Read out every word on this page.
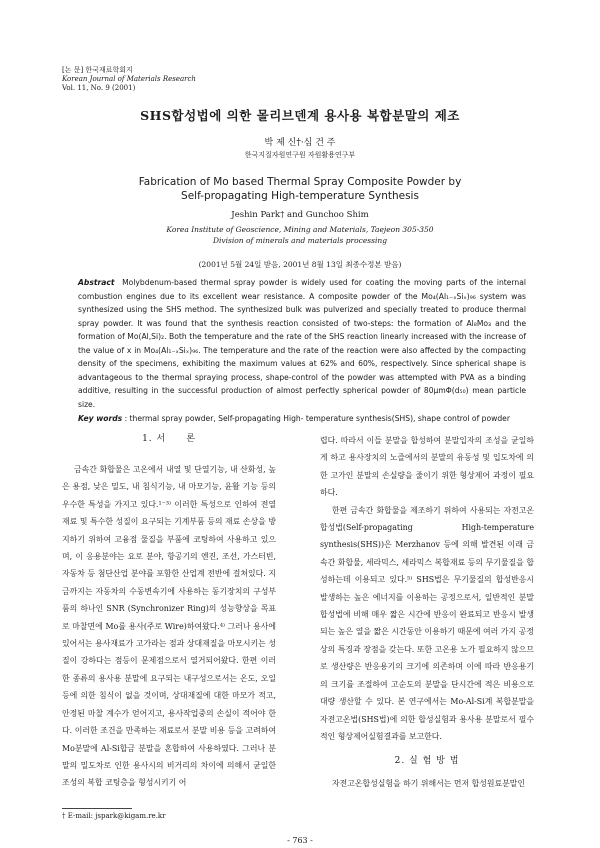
[논 문] 한국재료학회지
Korean Journal of Materials Research
Vol. 11, No. 9 (2001)
SHS합성법에 의한 몰리브덴계 용사용 복합분말의 제조
박 제 신†·심 건 주
한국지질자원연구원 자원활용연구부
Fabrication of Mo based Thermal Spray Composite Powder by
Self-propagating High-temperature Synthesis
Jeshin Park† and Gunchoo Shim
Korea Institute of Geoscience, Mining and Materials, Taejeon 305-350
Division of minerals and materials processing
(2001년 5월 24일 받음, 2001년 8월 13일 최종수정본 받음)
Abstract Molybdenum-based thermal spray powder is widely used for coating the moving parts of the internal combustion engines due to its excellent wear resistance. A composite powder of the Mo₄(Al₁₋ₓSiₓ)₉₆ system was synthesized using the SHS method. The synthesized bulk was pulverized and specially treated to produce thermal spray powder. It was found that the synthesis reaction consisted of two-steps: the formation of Al₈Mo₃ and the formation of Mo(Al,Si)₂. Both the temperature and the rate of the SHS reaction linearly increased with the increase of the value of x in Mo₄(Al₁₋ₓSiₓ)₉₆. The temperature and the rate of the reaction were also affected by the compacting density of the specimens, exhibiting the maximum values at 62% and 60%, respectively. Since spherical shape is advantageous to the thermal spraying process, shape-control of the powder was attempted with PVA as a binding additive, resulting in the successful production of almost perfectly spherical powder of 80μmΦ(d₅₀) mean particle size.
Key words : thermal spray powder, Self-propagating High- temperature synthesis(SHS), shape control of powder
1. 서　　론

금속간 화합물은 고온에서 내열 및 단열기능, 내 산화성, 높은 용점, 낮은 밀도, 내 침식기능, 내 마모기능, 윤활 기능 등의 우수한 특성을 가지고 있다.¹⁻³⁾ 이러한 특성으로 인하여 전열재료 및 특수한 성질이 요구되는 기계부품 등의 재료 손상을 방지하기 위하여 고융점 물질을 부품에 코팅하여 사용하고 있으며, 이 응용분야는 요로 분야, 항공기의 엔진, 조선, 가스터빈, 자동차 등 첨단산업 분야를 포함한 산업계 전반에 걸쳐있다. 지금까지는 자동차의 수동변속기에 사용하는 동기장치의 구성부품의 하나인 SNR (Synchronizer Ring)의 성능향상을 목표로 마찰면에 Mo를 용사(주로 Wire)하여왔다.⁴⁾ 그러나 용사에 있어서는 용사재료가 고가라는 점과 상대재질을 마모시키는 성질이 강하다는 점등이 문제점으로서 열거되어왔다. 한편 이러한 종류의 용사용 분말에 요구되는 내구성으로서는 온도, 오일 등에 의한 침식이 없을 것이며, 상대재질에 대한 마모가 적고, 안정된 마찰 계수가 얻어지고, 용사작업중의 손실이 적어야 한다. 이러한 조건을 만족하는 재료로서 분말 비용 등을 고려하여 Mo분말에 Al-Si합금 분말을 혼합하여 사용하였다. 그러나 분말의 밀도차로 인한 용사시의 비거리의 차이에 의해서 균일한 조성의 복합 코팅층을 형성시키기 어

렵다. 따라서 이들 분말을 합성하여 분말입자의 조성을 균일하게 하고 용사장치의 노즐에서의 분말의 유동성 및 입도차에 의한 고가인 분말의 손실량을 줄이기 위한 형상제어 과정이 필요하다.

한편 금속간 화합물을 제조하기 위하여 사용되는 자전고온 합성법(Self-propagating High-temperature synthesis(SHS))은 Merzhanov 등에 의해 발견된 이래 금속간 화합물, 세라믹스, 세라믹스 복합재료 등의 무기물질을 합성하는데 이용되고 있다.⁵⁾ SHS법은 무기물질의 합성반응시 발생하는 높은 에너지를 이용하는 공정으로서, 일반적인 분말합성법에 비해 매우 짧은 시간에 반응이 완료되고 반응시 발생되는 높은 열을 짧은 시간동안 이용하기 때문에 여러 가지 공정상의 특징과 장점을 갖는다. 또한 고온용 노가 필요하지 않으므로 생산량은 반응용기의 크기에 의존하며 이에 따라 반응용기의 크기를 조절하여 고순도의 분말을 단시간에 적은 비용으로 대량 생산할 수 있다. 본 연구에서는 Mo-Al-Si계 복합분말을 자전고온법(SHS법)에 의한 합성실험과 용사용 분말로서 필수적인 형상제어실험결과를 보고한다.

2. 실 험 방 법

자전고온합성실험을 하기 위해서는 먼저 합성원료분말인

† E-mail: jspark@kigam.re.kr
- 763 -
